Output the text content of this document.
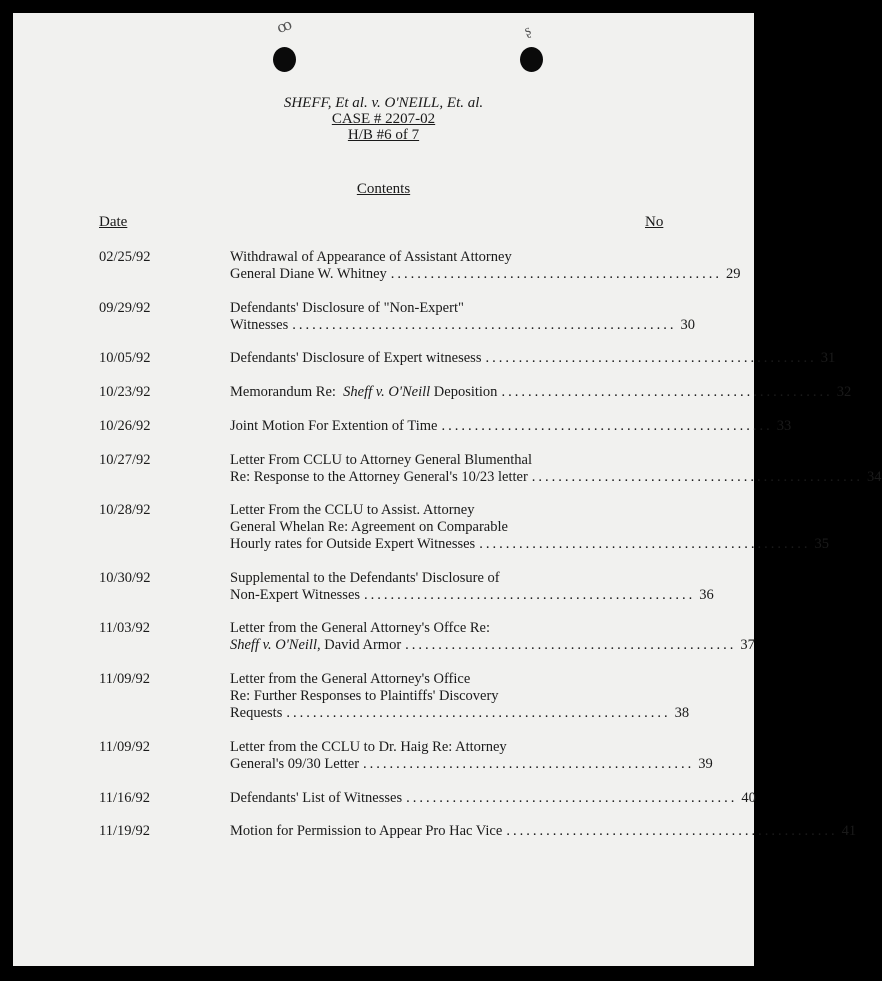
ꝏ	ʂ
SHEFF, Et al. v. O'NEILL, Et. al.
CASE # 2207-02
H/B #6 of 7
Contents
Date	No
02/25/92	Withdrawal of Appearance of Assistant Attorney
General Diane W. Whitney .................................................. 29
09/29/92	Defendants' Disclosure of "Non-Expert"
Witnesses .......................................................... 30
10/05/92	Defendants' Disclosure of Expert witnesess .................................................. 31
10/23/92	Memorandum Re: Sheff v. O'Neill Deposition .................................................. 32
10/26/92	Joint Motion For Extention of Time .................................................. 33
10/27/92	Letter From CCLU to Attorney General Blumenthal
Re: Response to the Attorney General's 10/23 letter .................................................. 34
10/28/92	Letter From the CCLU to Assist. Attorney
General Whelan Re: Agreement on Comparable
Hourly rates for Outside Expert Witnesses .................................................. 35
10/30/92	Supplemental to the Defendants' Disclosure of
Non-Expert Witnesses .................................................. 36
11/03/92	Letter from the General Attorney's Offce Re:
Sheff v. O'Neill, David Armor .................................................. 37
11/09/92	Letter from the General Attorney's Office
Re: Further Responses to Plaintiffs' Discovery
Requests .......................................................... 38
11/09/92	Letter from the CCLU to Dr. Haig Re: Attorney
General's 09/30 Letter .................................................. 39
11/16/92	Defendants' List of Witnesses .................................................. 40
11/19/92	Motion for Permission to Appear Pro Hac Vice .................................................. 41
